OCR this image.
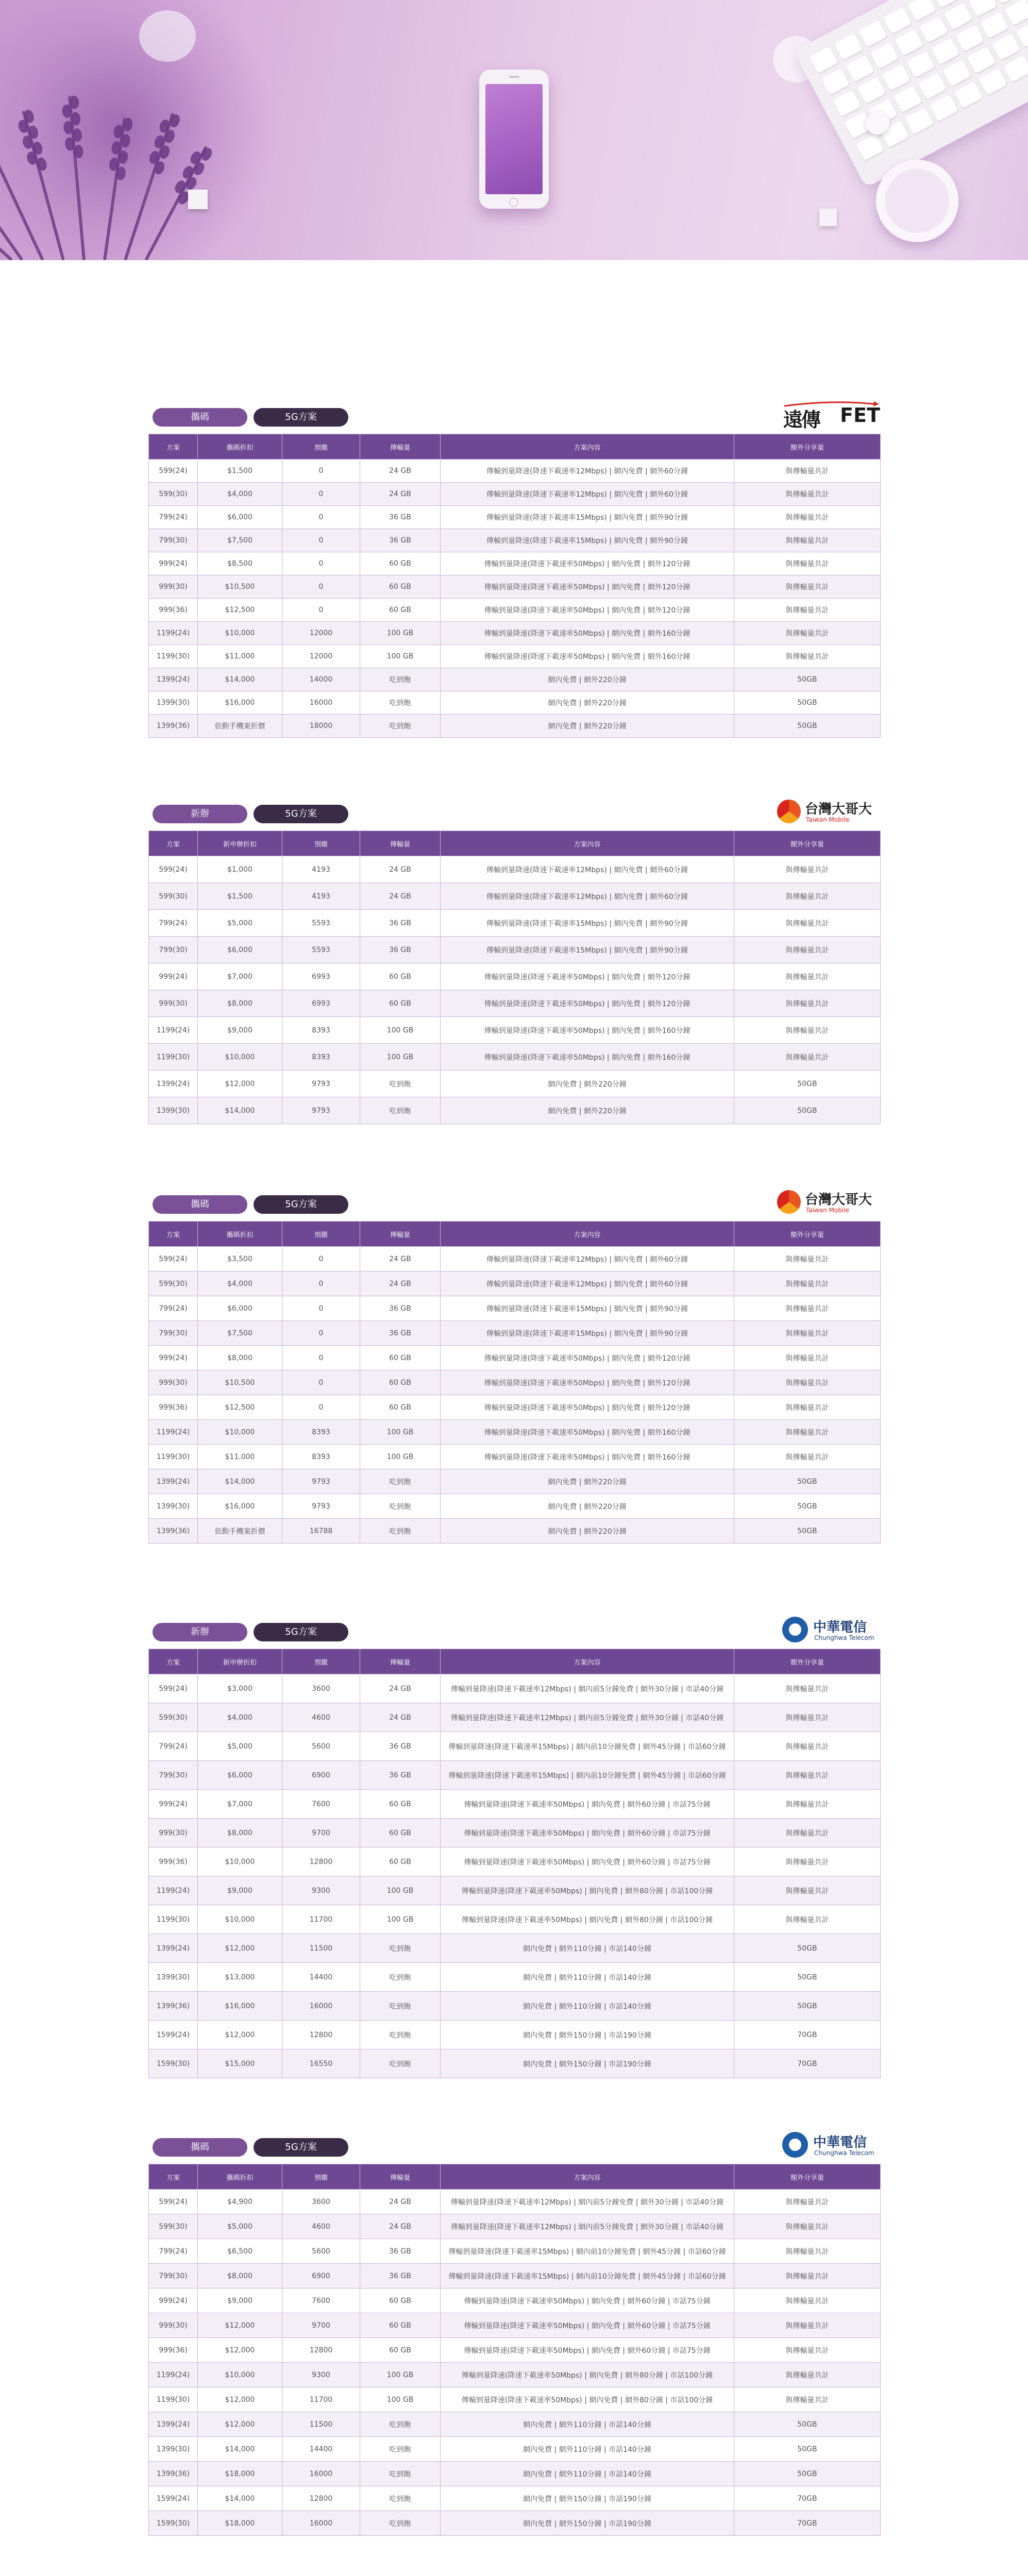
攜碼	5G方案	遠傳 FET
方案	攜碼折扣	預繳	傳輸量	方案內容	額外分享量
599(24)	$1,500	0	24 GB	傳輸到量降速(降速下載速率12Mbps) | 網內免費 | 網外60分鐘	與傳輸量共計
599(30)	$4,000	0	24 GB	傳輸到量降速(降速下載速率12Mbps) | 網內免費 | 網外60分鐘	與傳輸量共計
799(24)	$6,000	0	36 GB	傳輸到量降速(降速下載速率15Mbps) | 網內免費 | 網外90分鐘	與傳輸量共計
799(30)	$7,500	0	36 GB	傳輸到量降速(降速下載速率15Mbps) | 網內免費 | 網外90分鐘	與傳輸量共計
999(24)	$8,500	0	60 GB	傳輸到量降速(降速下載速率50Mbps) | 網內免費 | 網外120分鐘	與傳輸量共計
999(30)	$10,500	0	60 GB	傳輸到量降速(降速下載速率50Mbps) | 網內免費 | 網外120分鐘	與傳輸量共計
999(36)	$12,500	0	60 GB	傳輸到量降速(降速下載速率50Mbps) | 網內免費 | 網外120分鐘	與傳輸量共計
1199(24)	$10,000	12000	100 GB	傳輸到量降速(降速下載速率50Mbps) | 網內免費 | 網外160分鐘	與傳輸量共計
1199(30)	$11,000	12000	100 GB	傳輸到量降速(降速下載速率50Mbps) | 網內免費 | 網外160分鐘	與傳輸量共計
1399(24)	$14,000	14000	吃到飽	網內免費 | 網外220分鐘	50GB
1399(30)	$16,000	16000	吃到飽	網內免費 | 網外220分鐘	50GB
1399(36)	依動手機案折價	18000	吃到飽	網內免費 | 網外220分鐘	50GB
新辦	5G方案	台灣大哥大
Taiwan Mobile
方案	新申辦折扣	預繳	傳輸量	方案內容	額外分享量
599(24)	$1,000	4193	24 GB	傳輸到量降速(降速下載速率12Mbps) | 網內免費 | 網外60分鐘	與傳輸量共計
599(30)	$1,500	4193	24 GB	傳輸到量降速(降速下載速率12Mbps) | 網內免費 | 網外60分鐘	與傳輸量共計
799(24)	$5,000	5593	36 GB	傳輸到量降速(降速下載速率15Mbps) | 網內免費 | 網外90分鐘	與傳輸量共計
799(30)	$6,000	5593	36 GB	傳輸到量降速(降速下載速率15Mbps) | 網內免費 | 網外90分鐘	與傳輸量共計
999(24)	$7,000	6993	60 GB	傳輸到量降速(降速下載速率50Mbps) | 網內免費 | 網外120分鐘	與傳輸量共計
999(30)	$8,000	6993	60 GB	傳輸到量降速(降速下載速率50Mbps) | 網內免費 | 網外120分鐘	與傳輸量共計
1199(24)	$9,000	8393	100 GB	傳輸到量降速(降速下載速率50Mbps) | 網內免費 | 網外160分鐘	與傳輸量共計
1199(30)	$10,000	8393	100 GB	傳輸到量降速(降速下載速率50Mbps) | 網內免費 | 網外160分鐘	與傳輸量共計
1399(24)	$12,000	9793	吃到飽	網內免費 | 網外220分鐘	50GB
1399(30)	$14,000	9793	吃到飽	網內免費 | 網外220分鐘	50GB
攜碼	5G方案	台灣大哥大
Taiwan Mobile
方案	攜碼折扣	預繳	傳輸量	方案內容	額外分享量
599(24)	$3,500	0	24 GB	傳輸到量降速(降速下載速率12Mbps) | 網內免費 | 網外60分鐘	與傳輸量共計
599(30)	$4,000	0	24 GB	傳輸到量降速(降速下載速率12Mbps) | 網內免費 | 網外60分鐘	與傳輸量共計
799(24)	$6,000	0	36 GB	傳輸到量降速(降速下載速率15Mbps) | 網內免費 | 網外90分鐘	與傳輸量共計
799(30)	$7,500	0	36 GB	傳輸到量降速(降速下載速率15Mbps) | 網內免費 | 網外90分鐘	與傳輸量共計
999(24)	$8,000	0	60 GB	傳輸到量降速(降速下載速率50Mbps) | 網內免費 | 網外120分鐘	與傳輸量共計
999(30)	$10,500	0	60 GB	傳輸到量降速(降速下載速率50Mbps) | 網內免費 | 網外120分鐘	與傳輸量共計
999(36)	$12,500	0	60 GB	傳輸到量降速(降速下載速率50Mbps) | 網內免費 | 網外120分鐘	與傳輸量共計
1199(24)	$10,000	8393	100 GB	傳輸到量降速(降速下載速率50Mbps) | 網內免費 | 網外160分鐘	與傳輸量共計
1199(30)	$11,000	8393	100 GB	傳輸到量降速(降速下載速率50Mbps) | 網內免費 | 網外160分鐘	與傳輸量共計
1399(24)	$14,000	9793	吃到飽	網內免費 | 網外220分鐘	50GB
1399(30)	$16,000	9793	吃到飽	網內免費 | 網外220分鐘	50GB
1399(36)	依動手機案折價	16788	吃到飽	網內免費 | 網外220分鐘	50GB
新辦	5G方案	中華電信
Chunghwa Telecom
方案	新申辦折扣	預繳	傳輸量	方案內容	額外分享量
599(24)	$3,000	3600	24 GB	傳輸到量降速(降速下載速率12Mbps) | 網內前5分鐘免費 | 網外30分鐘 | 市話40分鐘	與傳輸量共計
599(30)	$4,000	4600	24 GB	傳輸到量降速(降速下載速率12Mbps) | 網內前5分鐘免費 | 網外30分鐘 | 市話40分鐘	與傳輸量共計
799(24)	$5,000	5600	36 GB	傳輸到量降速(降速下載速率15Mbps) | 網內前10分鐘免費 | 網外45分鐘 | 市話60分鐘	與傳輸量共計
799(30)	$6,000	6900	36 GB	傳輸到量降速(降速下載速率15Mbps) | 網內前10分鐘免費 | 網外45分鐘 | 市話60分鐘	與傳輸量共計
999(24)	$7,000	7600	60 GB	傳輸到量降速(降速下載速率50Mbps) | 網內免費 | 網外60分鐘 | 市話75分鐘	與傳輸量共計
999(30)	$8,000	9700	60 GB	傳輸到量降速(降速下載速率50Mbps) | 網內免費 | 網外60分鐘 | 市話75分鐘	與傳輸量共計
999(36)	$10,000	12800	60 GB	傳輸到量降速(降速下載速率50Mbps) | 網內免費 | 網外60分鐘 | 市話75分鐘	與傳輸量共計
1199(24)	$9,000	9300	100 GB	傳輸到量降速(降速下載速率50Mbps) | 網內免費 | 網外80分鐘 | 市話100分鐘	與傳輸量共計
1199(30)	$10,000	11700	100 GB	傳輸到量降速(降速下載速率50Mbps) | 網內免費 | 網外80分鐘 | 市話100分鐘	與傳輸量共計
1399(24)	$12,000	11500	吃到飽	網內免費 | 網外110分鐘 | 市話140分鐘	50GB
1399(30)	$13,000	14400	吃到飽	網內免費 | 網外110分鐘 | 市話140分鐘	50GB
1399(36)	$16,000	16000	吃到飽	網內免費 | 網外110分鐘 | 市話140分鐘	50GB
1599(24)	$12,000	12800	吃到飽	網內免費 | 網外150分鐘 | 市話190分鐘	70GB
1599(30)	$15,000	16550	吃到飽	網內免費 | 網外150分鐘 | 市話190分鐘	70GB
攜碼	5G方案	中華電信
Chunghwa Telecom
方案	攜碼折扣	預繳	傳輸量	方案內容	額外分享量
599(24)	$4,900	3600	24 GB	傳輸到量降速(降速下載速率12Mbps) | 網內前5分鐘免費 | 網外30分鐘 | 市話40分鐘	與傳輸量共計
599(30)	$5,000	4600	24 GB	傳輸到量降速(降速下載速率12Mbps) | 網內前5分鐘免費 | 網外30分鐘 | 市話40分鐘	與傳輸量共計
799(24)	$6,500	5600	36 GB	傳輸到量降速(降速下載速率15Mbps) | 網內前10分鐘免費 | 網外45分鐘 | 市話60分鐘	與傳輸量共計
799(30)	$8,000	6900	36 GB	傳輸到量降速(降速下載速率15Mbps) | 網內前10分鐘免費 | 網外45分鐘 | 市話60分鐘	與傳輸量共計
999(24)	$9,000	7600	60 GB	傳輸到量降速(降速下載速率50Mbps) | 網內免費 | 網外60分鐘 | 市話75分鐘	與傳輸量共計
999(30)	$12,000	9700	60 GB	傳輸到量降速(降速下載速率50Mbps) | 網內免費 | 網外60分鐘 | 市話75分鐘	與傳輸量共計
999(36)	$12,000	12800	60 GB	傳輸到量降速(降速下載速率50Mbps) | 網內免費 | 網外60分鐘 | 市話75分鐘	與傳輸量共計
1199(24)	$10,000	9300	100 GB	傳輸到量降速(降速下載速率50Mbps) | 網內免費 | 網外80分鐘 | 市話100分鐘	與傳輸量共計
1199(30)	$12,000	11700	100 GB	傳輸到量降速(降速下載速率50Mbps) | 網內免費 | 網外80分鐘 | 市話100分鐘	與傳輸量共計
1399(24)	$12,000	11500	吃到飽	網內免費 | 網外110分鐘 | 市話140分鐘	50GB
1399(30)	$14,000	14400	吃到飽	網內免費 | 網外110分鐘 | 市話140分鐘	50GB
1399(36)	$18,000	16000	吃到飽	網內免費 | 網外110分鐘 | 市話140分鐘	50GB
1599(24)	$14,000	12800	吃到飽	網內免費 | 網外150分鐘 | 市話190分鐘	70GB
1599(30)	$18,000	16000	吃到飽	網內免費 | 網外150分鐘 | 市話190分鐘	70GB
